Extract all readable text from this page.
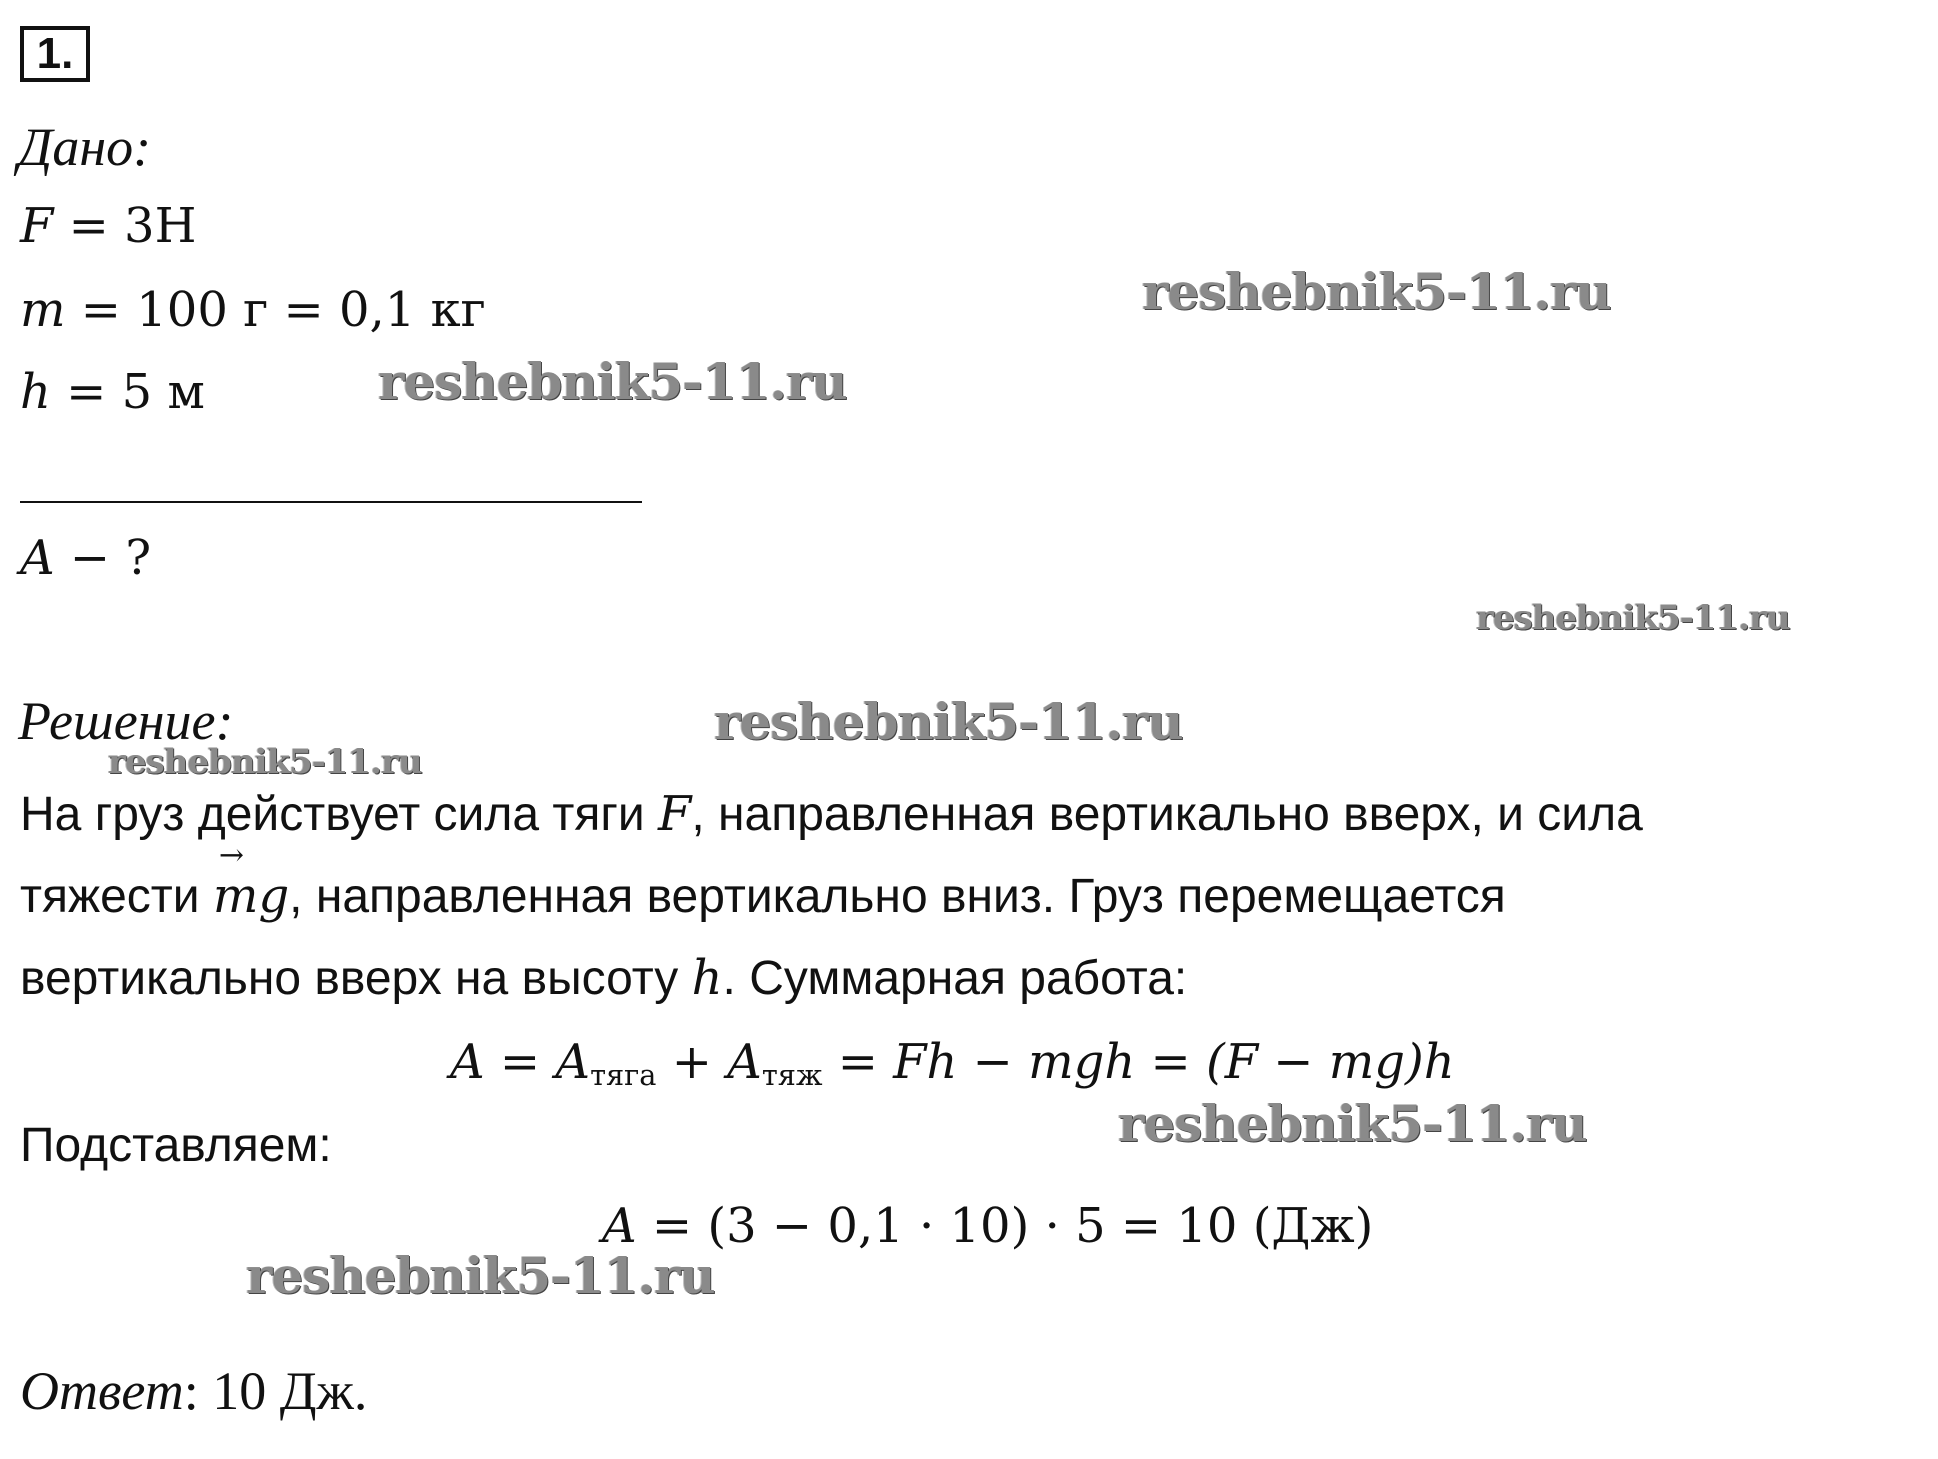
1.
Дано:
F = 3Н
m = 100 г = 0,1 кг
h = 5 м
A − ?
Решение:
На груз действует сила тяги F, направленная вертикально вверх, и сила
тяжести → mg, направленная вертикально вниз. Груз перемещается
вертикально вверх на высоту h. Суммарная работа:
$A = A_{тяга} + A_{тяж} = Fh$ − mgh = (F − mg)h
Подставляем:
A = (3 − 0,1 · 10) · 5 = 10 (Дж)
Ответ: 10 Дж.
reshebnik5-11.ru
reshebnik5-11.ru
reshebnik5-11.ru
reshebnik5-11.ru
reshebnik5-11.ru
reshebnik5-11.ru
reshebnik5-11.ru
